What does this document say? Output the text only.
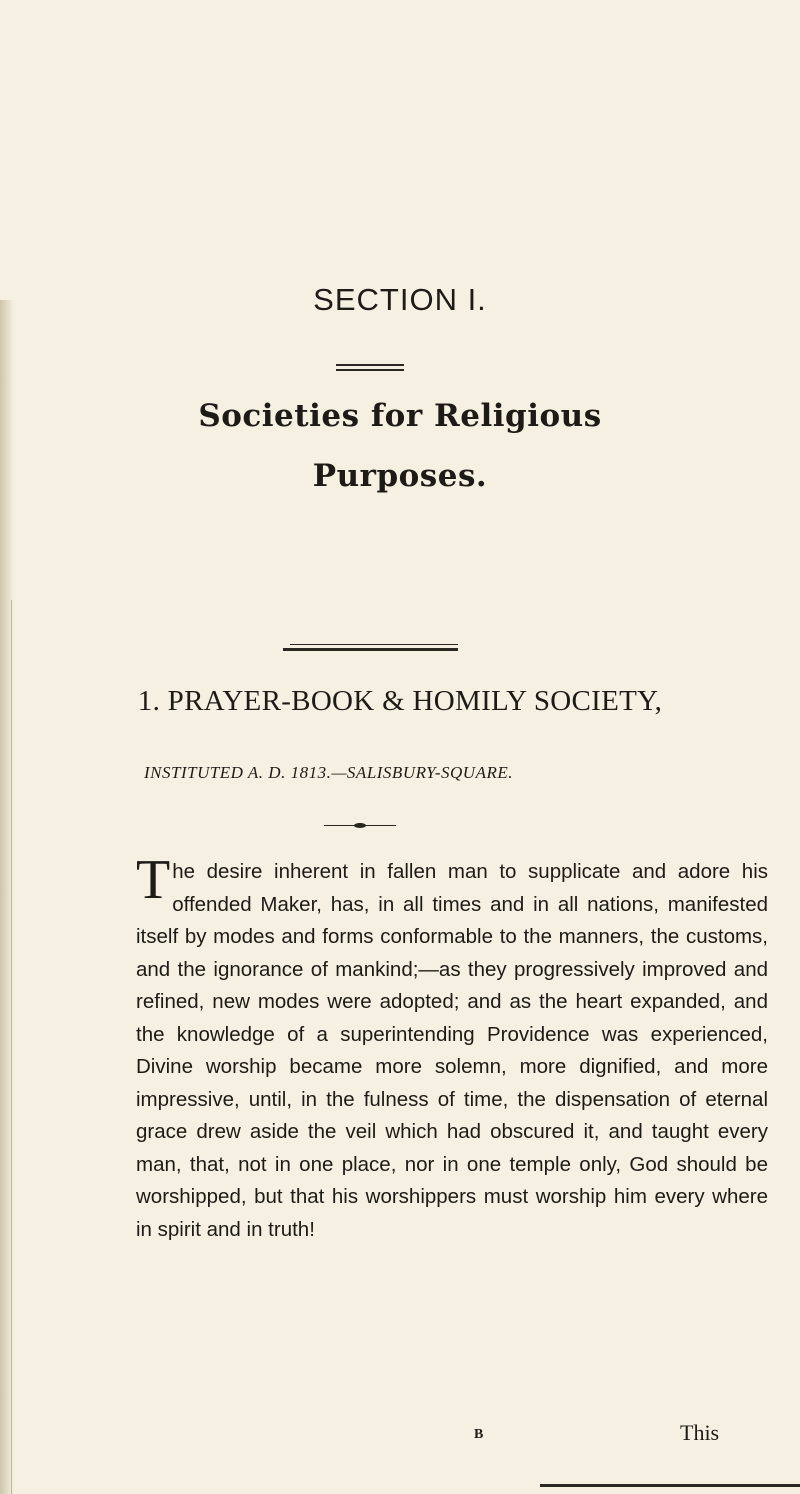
SECTION I.
Societies for Religious
Purposes.
1. PRAYER-BOOK & HOMILY SOCIETY,
INSTITUTED A. D. 1813.—SALISBURY-SQUARE.

The desire inherent in fallen man to supplicate and adore his offended Maker, has, in all times and in all nations, manifested itself by modes and forms conformable to the manners, the customs, and the ignorance of mankind;—as they progressively improved and refined, new modes were adopted; and as the heart expanded, and the knowledge of a superintending Providence was experienced, Divine worship became more solemn, more dignified, and more impressive, until, in the fulness of time, the dispensation of eternal grace drew aside the veil which had obscured it, and taught every man, that, not in one place, nor in one temple only, God should be worshipped, but that his worshippers must worship him every where in spirit and in truth!

B	This
